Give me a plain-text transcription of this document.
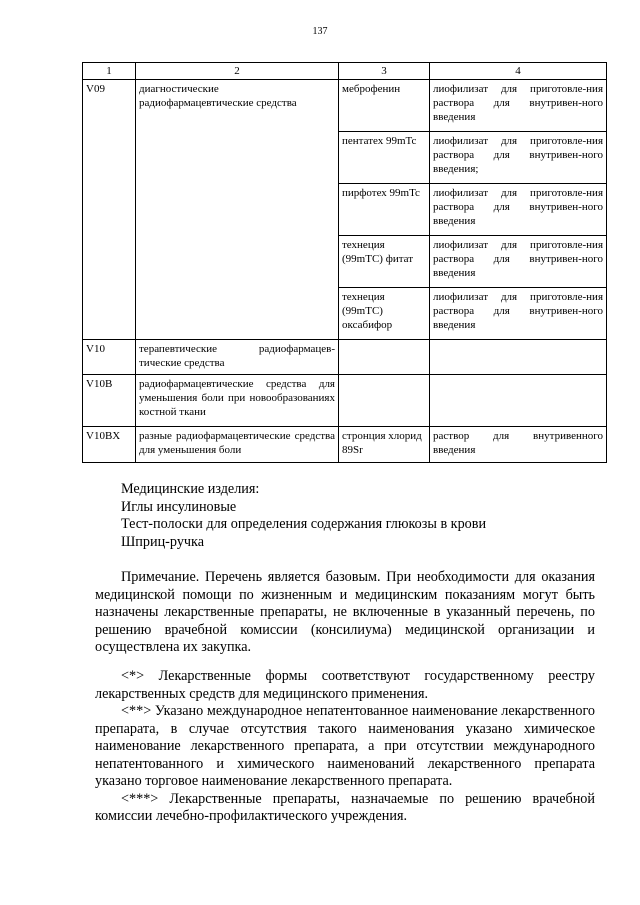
137
1	2	3	4
V09	диагностические радиофармацевтические средства	меброфенин	лиофилизат для приготовле-ния раствора для внутривен-ного введения
		пентатех 99mTc	лиофилизат для приготовле-ния раствора для внутривен-ного введения;
		пирфотех 99mTc	лиофилизат для приготовле-ния раствора для внутривен-ного введения
		технеция (99mTC) фитат	лиофилизат для приготовле-ния раствора для внутривен-ного введения
		технеция (99mTC) оксабифор	лиофилизат для приготовле-ния раствора для внутривен-ного введения
V10	терапевтические радиофармацев-тические средства		
V10B	радиофармацевтические средства для уменьшения боли при новообразованиях костной ткани		
V10BX	разные радиофармацевтические средства для уменьшения боли	стронция хлорид 89Sr	раствор для внутривенного введения
Медицинские изделия:
Иглы инсулиновые
Тест-полоски для определения содержания глюкозы в крови
Шприц-ручка
Примечание. Перечень является базовым. При необходимости для оказания медицинской помощи по жизненным и медицинским показаниям могут быть назначены лекарственные препараты, не включенные в указанный перечень, по решению врачебной комиссии (консилиума) медицинской организации и осуществлена их закупка.

<*> Лекарственные формы соответствуют государственному реестру лекарственных средств для медицинского применения.

<**> Указано международное непатентованное наименование лекарственного препарата, в случае отсутствия такого наименования указано химическое наименование лекарственного препарата, а при отсутствии международного непатентованного и химического наименований лекарственного препарата указано торговое наименование лекарственного препарата.

<***> Лекарственные препараты, назначаемые по решению врачебной комиссии лечебно-профилактического учреждения.
